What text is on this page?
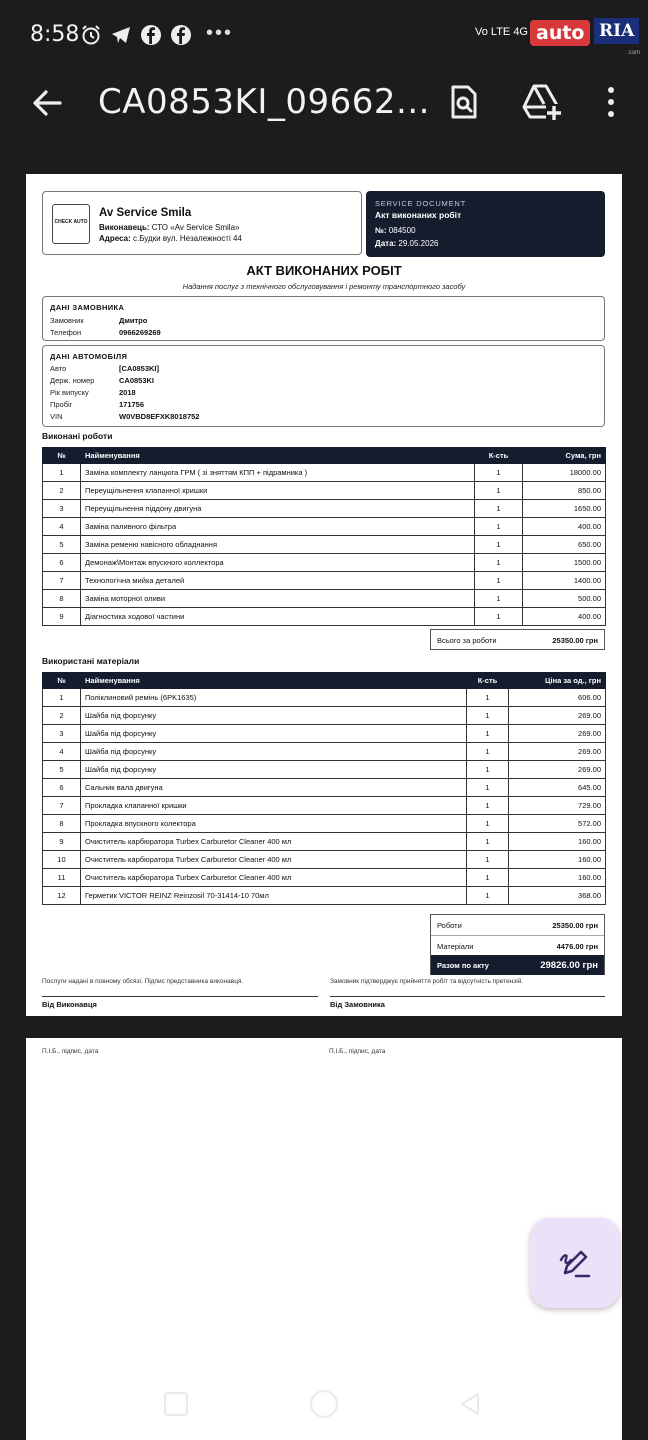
8:58	•••	Vo LTE 4G auto RIA
.com
CA0853KI_09662...
CHECK AUTO
Av Service Smila
Виконавець: СТО «Av Service Smila»
Адреса: с.Будки вул. Незалежності 44
SERVICE DOCUMENT
Акт виконаних робіт
№: 084500
Дата: 29.05.2026
АКТ ВИКОНАНИХ РОБІТ
Надання послуг з технічного обслуговування і ремонту транспортного засобу
ДАНІ ЗАМОВНИКА
Замовник	Дмитро
Телефон	0966269269
ДАНІ АВТОМОБІЛЯ
Авто	[CA0853KI]
Держ. номер	CA0853KI
Рік випуску	2018
Пробіг	171756
VIN	W0VBD8EFXK8018752
Виконані роботи
№	Найменування	К-сть	Сума, грн
1	Заміна комплекту ланцюга ГРМ ( зі зняттям КПП + підрамника )	1	18000.00
2	Переущільнення клапанної кришки	1	850.00
3	Переущільнення піддону двигуна	1	1650.00
4	Заміна паливного фільтра	1	400.00
5	Заміна ременю навісного обладнання	1	650.00
6	Демонаж\Монтаж впускного коллектора	1	1500.00
7	Технологічна мийка деталей	1	1400.00
8	Заміна моторної оливи	1	500.00
9	Діагностика ходової частини	1	400.00
Всього за роботи	25350.00 грн
Використані матеріали
№	Найменування	К-сть	Ціна за од., грн
1	Поліклиновий ремінь (6PK1635)	1	606.00
2	Шайба під форсунку	1	269.00
3	Шайба під форсунку	1	269.00
4	Шайба під форсунку	1	269.00
5	Шайба під форсунку	1	269.00
6	Сальник вала двигуна	1	645.00
7	Прокладка клапанної кришки	1	729.00
8	Прокладка впускного колектора	1	572.00
9	Очиститель карбюратора Turbex Carburetor Cleaner 400 мл	1	160.00
10	Очиститель карбюратора Turbex Carburetor Cleaner 400 мл	1	160.00
11	Очиститель карбюратора Turbex Carburetor Cleaner 400 мл	1	160.00
12	Герметик VICTOR REINZ Reinzosil 70-31414-10 70мл	1	368.00
Роботи	25350.00 грн
Матеріали	4476.00 грн
Разом по акту	29826.00 грн
Послуги надані в повному обсязі. Підпис представника виконавця.	Замовник підтверджує прийняття робіт та відсутність претензій.
Від Виконавця	Від Замовника
П.І.Б., підпис, дата	П.І.Б., підпис, дата
